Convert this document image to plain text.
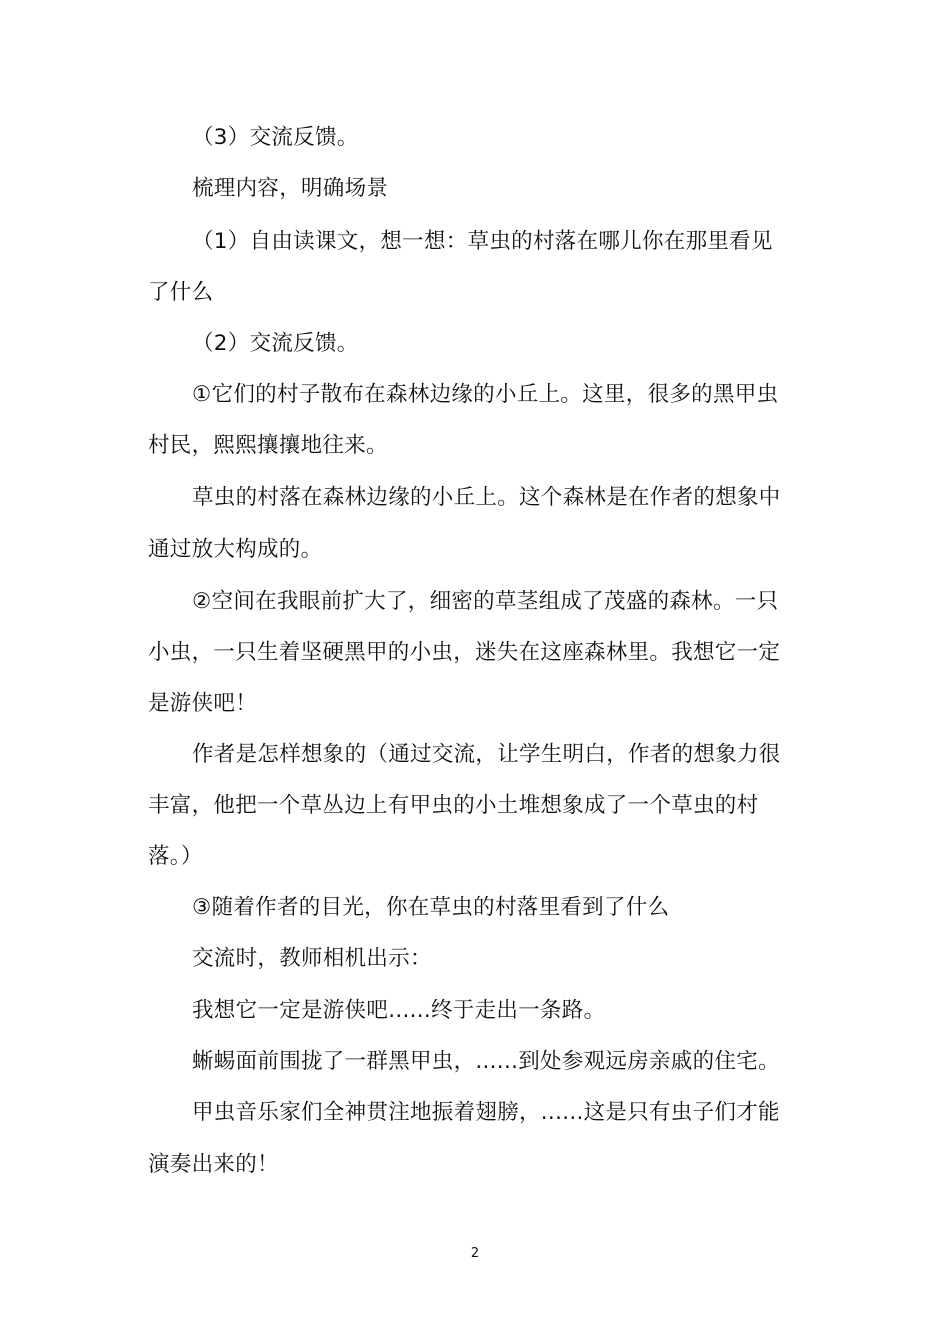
（3）交流反馈。
梳理内容，明确场景
（1）自由读课文，想一想：草虫的村落在哪儿你在那里看见
了什么
（2）交流反馈。
①它们的村子散布在森林边缘的小丘上。这里，很多的黑甲虫
村民，熙熙攘攘地往来。
草虫的村落在森林边缘的小丘上。这个森林是在作者的想象中
通过放大构成的。
②空间在我眼前扩大了，细密的草茎组成了茂盛的森林。一只
小虫，一只生着坚硬黑甲的小虫，迷失在这座森林里。我想它一定
是游侠吧！
作者是怎样想象的（通过交流，让学生明白，作者的想象力很
丰富，他把一个草丛边上有甲虫的小土堆想象成了一个草虫的村
落。）
③随着作者的目光，你在草虫的村落里看到了什么
交流时，教师相机出示：
我想它一定是游侠吧......终于走出一条路。
蜥蜴面前围拢了一群黑甲虫，......到处参观远房亲戚的住宅。
甲虫音乐家们全神贯注地振着翅膀，......这是只有虫子们才能
演奏出来的！
2
